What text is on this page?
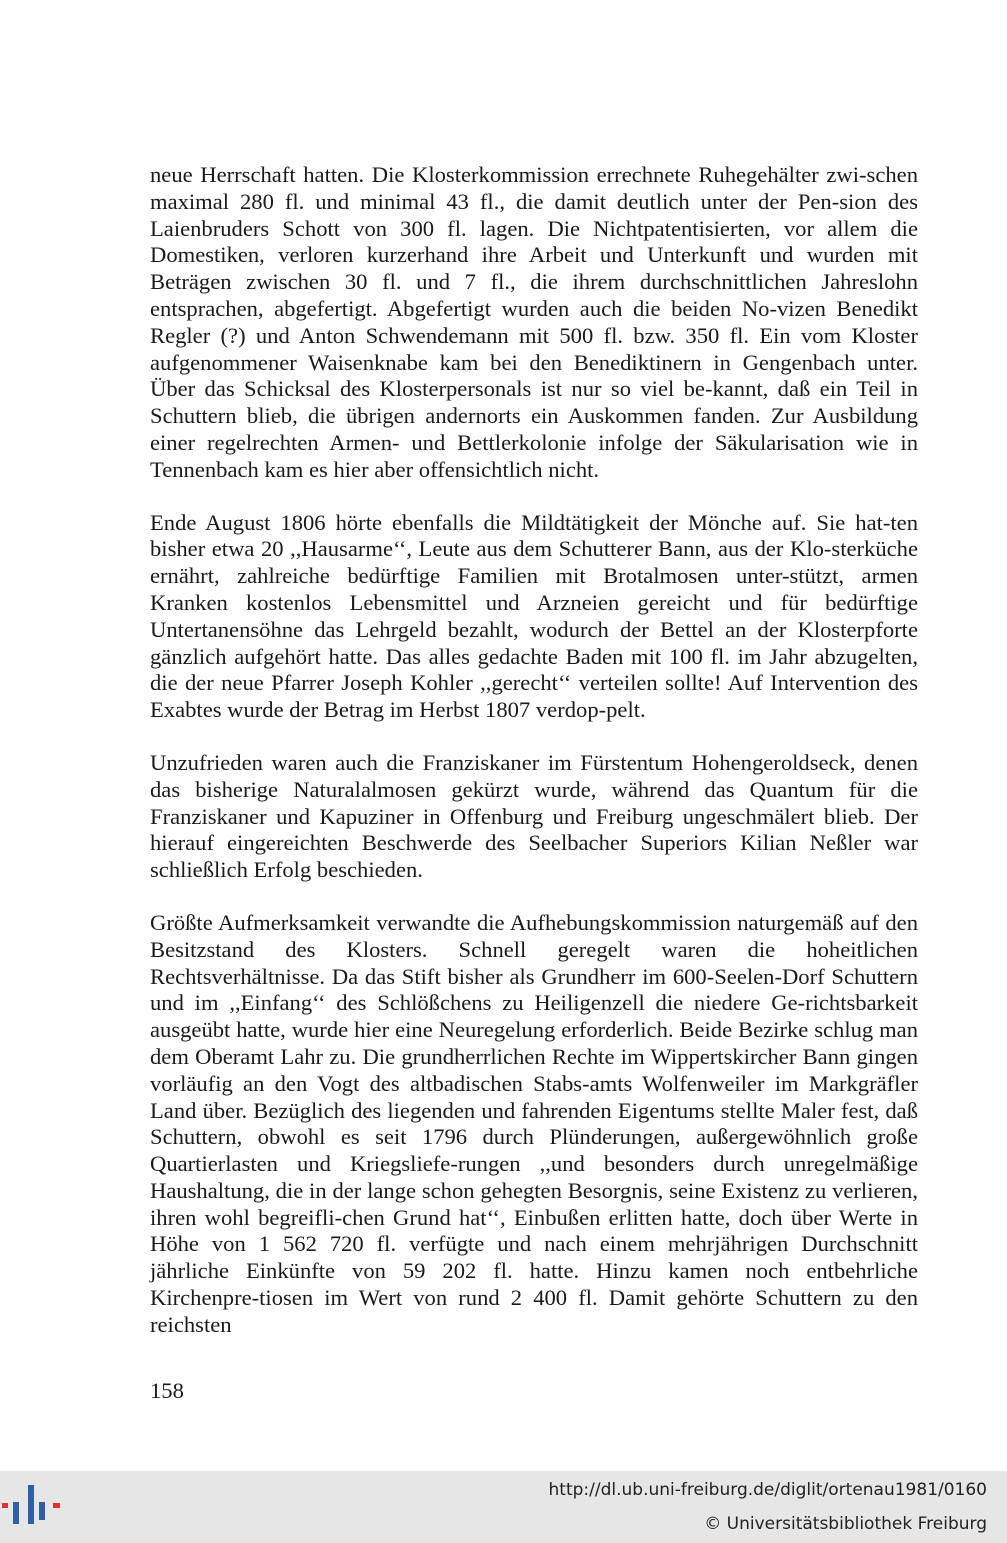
neue Herrschaft hatten. Die Klosterkommission errechnete Ruhegehälter zwi-schen maximal 280 fl. und minimal 43 fl., die damit deutlich unter der Pen-sion des Laienbruders Schott von 300 fl. lagen. Die Nichtpatentisierten, vor allem die Domestiken, verloren kurzerhand ihre Arbeit und Unterkunft und wurden mit Beträgen zwischen 30 fl. und 7 fl., die ihrem durchschnittlichen Jahreslohn entsprachen, abgefertigt. Abgefertigt wurden auch die beiden No-vizen Benedikt Regler (?) und Anton Schwendemann mit 500 fl. bzw. 350 fl. Ein vom Kloster aufgenommener Waisenknabe kam bei den Benediktinern in Gengenbach unter. Über das Schicksal des Klosterpersonals ist nur so viel be-kannt, daß ein Teil in Schuttern blieb, die übrigen andernorts ein Auskommen fanden. Zur Ausbildung einer regelrechten Armen- und Bettlerkolonie infolge der Säkularisation wie in Tennenbach kam es hier aber offensichtlich nicht.

Ende August 1806 hörte ebenfalls die Mildtätigkeit der Mönche auf. Sie hat-ten bisher etwa 20 ,,Hausarme‘‘, Leute aus dem Schutterer Bann, aus der Klo-sterküche ernährt, zahlreiche bedürftige Familien mit Brotalmosen unter-stützt, armen Kranken kostenlos Lebensmittel und Arzneien gereicht und für bedürftige Untertanensöhne das Lehrgeld bezahlt, wodurch der Bettel an der Klosterpforte gänzlich aufgehört hatte. Das alles gedachte Baden mit 100 fl. im Jahr abzugelten, die der neue Pfarrer Joseph Kohler ,,gerecht‘‘ verteilen sollte! Auf Intervention des Exabtes wurde der Betrag im Herbst 1807 verdop-pelt.

Unzufrieden waren auch die Franziskaner im Fürstentum Hohengeroldseck, denen das bisherige Naturalalmosen gekürzt wurde, während das Quantum für die Franziskaner und Kapuziner in Offenburg und Freiburg ungeschmälert blieb. Der hierauf eingereichten Beschwerde des Seelbacher Superiors Kilian Neßler war schließlich Erfolg beschieden.

Größte Aufmerksamkeit verwandte die Aufhebungskommission naturgemäß auf den Besitzstand des Klosters. Schnell geregelt waren die hoheitlichen Rechtsverhältnisse. Da das Stift bisher als Grundherr im 600-Seelen-Dorf Schuttern und im ,,Einfang‘‘ des Schlößchens zu Heiligenzell die niedere Ge-richtsbarkeit ausgeübt hatte, wurde hier eine Neuregelung erforderlich. Beide Bezirke schlug man dem Oberamt Lahr zu. Die grundherrlichen Rechte im Wippertskircher Bann gingen vorläufig an den Vogt des altbadischen Stabs-amts Wolfenweiler im Markgräfler Land über. Bezüglich des liegenden und fahrenden Eigentums stellte Maler fest, daß Schuttern, obwohl es seit 1796 durch Plünderungen, außergewöhnlich große Quartierlasten und Kriegsliefe-rungen ,,und besonders durch unregelmäßige Haushaltung, die in der lange schon gehegten Besorgnis, seine Existenz zu verlieren, ihren wohl begreifli-chen Grund hat‘‘, Einbußen erlitten hatte, doch über Werte in Höhe von 1 562 720 fl. verfügte und nach einem mehrjährigen Durchschnitt jährliche Einkünfte von 59 202 fl. hatte. Hinzu kamen noch entbehrliche Kirchenpre-tiosen im Wert von rund 2 400 fl. Damit gehörte Schuttern zu den reichsten

158

http://dl.ub.uni-freiburg.de/diglit/ortenau1981/0160

© Universitätsbibliothek Freiburg
